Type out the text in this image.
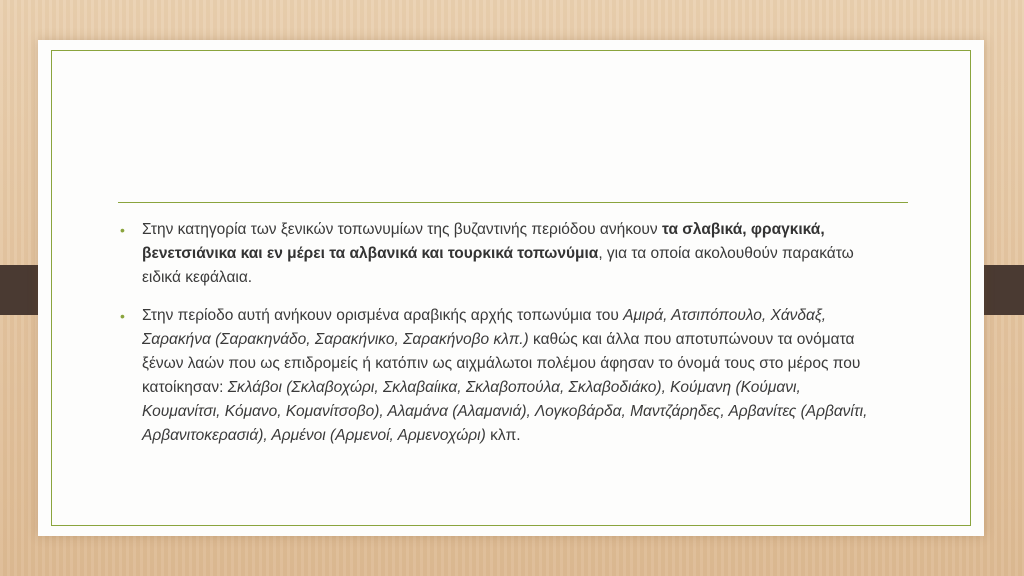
• Στην κατηγορία των ξενικών τοπωνυμίων της βυζαντινής περιόδου ανήκουν τα σλαβικά, φραγκικά, βενετσιάνικα και εν μέρει τα αλβανικά και τουρκικά τοπωνύμια, για τα οποία ακολουθούν παρακάτω ειδικά κεφάλαια.

• Στην περίοδο αυτή ανήκουν ορισμένα αραβικής αρχής τοπωνύμια του Αμιρά, Ατσιπόπουλο, Χάνδαξ, Σαρακήνα (Σαρακηνάδο, Σαρακήνικο, Σαρακήνοβο κλπ.) καθώς και άλλα που αποτυπώνουν τα ονόματα ξένων λαών που ως επιδρομείς ή κατόπιν ως αιχμάλωτοι πολέμου άφησαν το όνομά τους στο μέρος που κατοίκησαν: Σκλάβοι (Σκλαβοχώρι, Σκλαβαίικα, Σκλαβοπούλα, Σκλαβοδιάκο), Κούμανη (Κούμανι, Κουμανίτσι, Κόμανο, Κομανίτσοβο), Αλαμάνα (Αλαμανιά), Λογκοβάρδα, Μαντζάρηδες, Αρβανίτες (Αρβανίτι, Αρβανιτοκερασιά), Αρμένοι (Αρμενοί, Αρμενοχώρι) κλπ.
